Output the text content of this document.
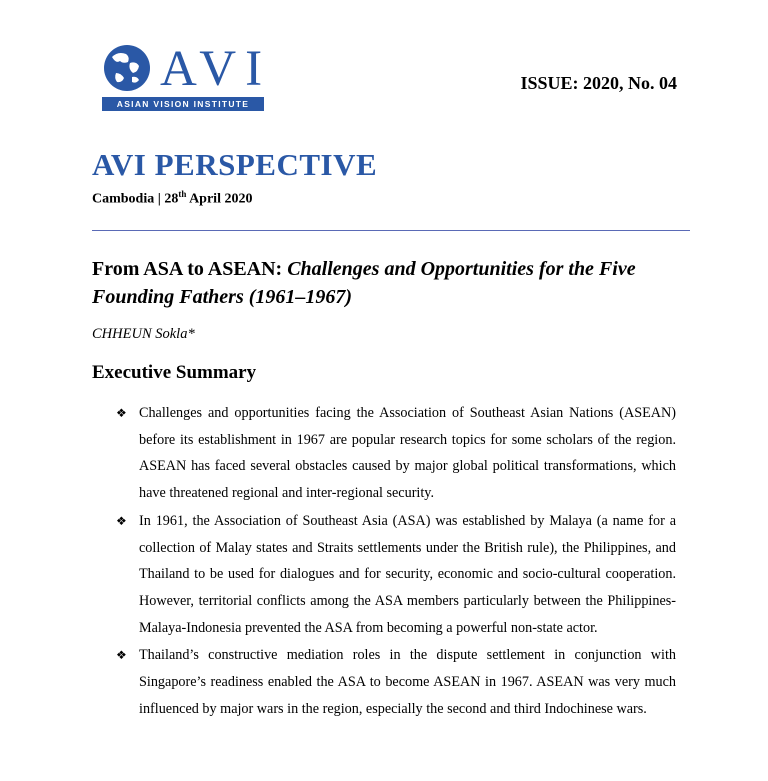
AVI
ASIAN VISION INSTITUTE
ISSUE: 2020, No. 04
AVI PERSPECTIVE
Cambodia | 28th April 2020
From ASA to ASEAN: Challenges and Opportunities for the Five Founding Fathers (1961–1967)
CHHEUN Sokla*
Executive Summary
❖ Challenges and opportunities facing the Association of Southeast Asian Nations (ASEAN) before its establishment in 1967 are popular research topics for some scholars of the region. ASEAN has faced several obstacles caused by major global political transformations, which have threatened regional and inter-regional security.
❖ In 1961, the Association of Southeast Asia (ASA) was established by Malaya (a name for a collection of Malay states and Straits settlements under the British rule), the Philippines, and Thailand to be used for dialogues and for security, economic and socio-cultural cooperation. However, territorial conflicts among the ASA members particularly between the Philippines-Malaya-Indonesia prevented the ASA from becoming a powerful non-state actor.
❖ Thailand’s constructive mediation roles in the dispute settlement in conjunction with Singapore’s readiness enabled the ASA to become ASEAN in 1967. ASEAN was very much influenced by major wars in the region, especially the second and third Indochinese wars.
